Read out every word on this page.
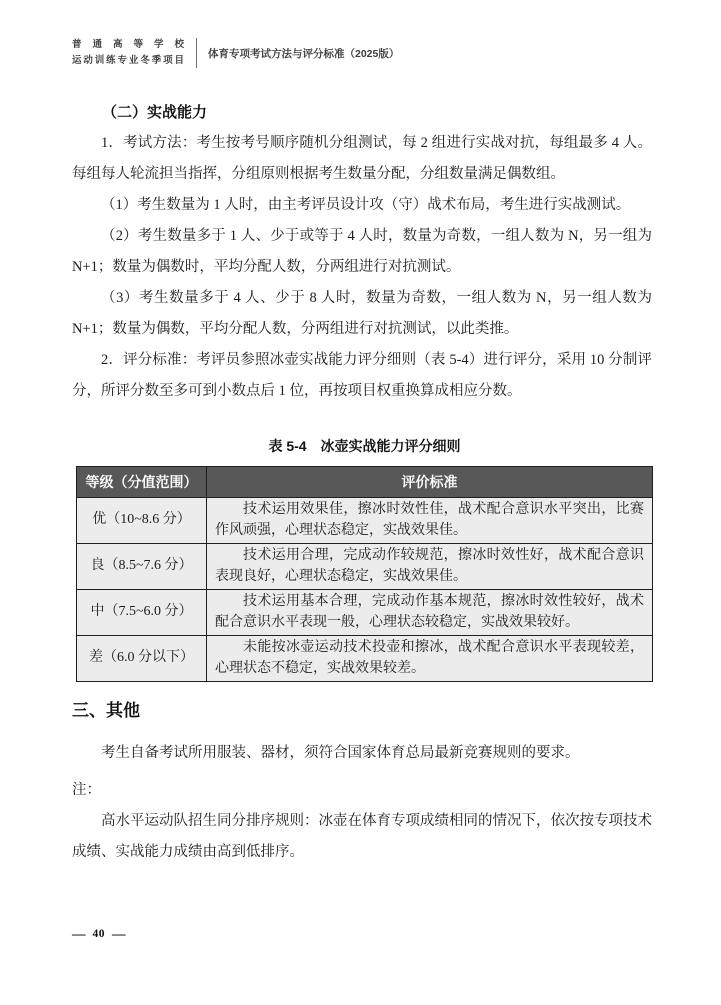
普通高等学校
运动训练专业冬季项目
体育专项考试方法与评分标准（2025版）
（二）实战能力

1．考试方法：考生按考号顺序随机分组测试，每 2 组进行实战对抗，每组最多 4 人。每组每人轮流担当指挥，分组原则根据考生数量分配，分组数量满足偶数组。

（1）考生数量为 1 人时，由主考评员设计攻（守）战术布局，考生进行实战测试。

（2）考生数量多于 1 人、少于或等于 4 人时，数量为奇数，一组人数为 N，另一组为 N+1；数量为偶数时，平均分配人数，分两组进行对抗测试。

（3）考生数量多于 4 人、少于 8 人时，数量为奇数，一组人数为 N，另一组人数为 N+1；数量为偶数，平均分配人数，分两组进行对抗测试，以此类推。

2．评分标准：考评员参照冰壶实战能力评分细则（表 5-4）进行评分，采用 10 分制评分，所评分数至多可到小数点后 1 位，再按项目权重换算成相应分数。

表 5-4　冰壶实战能力评分细则
等级（分值范围）	评价标准
优（10~8.6 分）	技术运用效果佳，擦冰时效性佳，战术配合意识水平突出，比赛作风顽强，心理状态稳定，实战效果佳。
良（8.5~7.6 分）	技术运用合理，完成动作较规范，擦冰时效性好，战术配合意识表现良好，心理状态稳定，实战效果佳。
中（7.5~6.0 分）	技术运用基本合理，完成动作基本规范，擦冰时效性较好，战术配合意识水平表现一般，心理状态较稳定，实战效果较好。
差（6.0 分以下）	未能按冰壶运动技术投壶和擦冰，战术配合意识水平表现较差，心理状态不稳定，实战效果较差。
三、其他

考生自备考试所用服装、器材，须符合国家体育总局最新竞赛规则的要求。

注：

高水平运动队招生同分排序规则：冰壶在体育专项成绩相同的情况下，依次按专项技术成绩、实战能力成绩由高到低排序。

— 40 —
